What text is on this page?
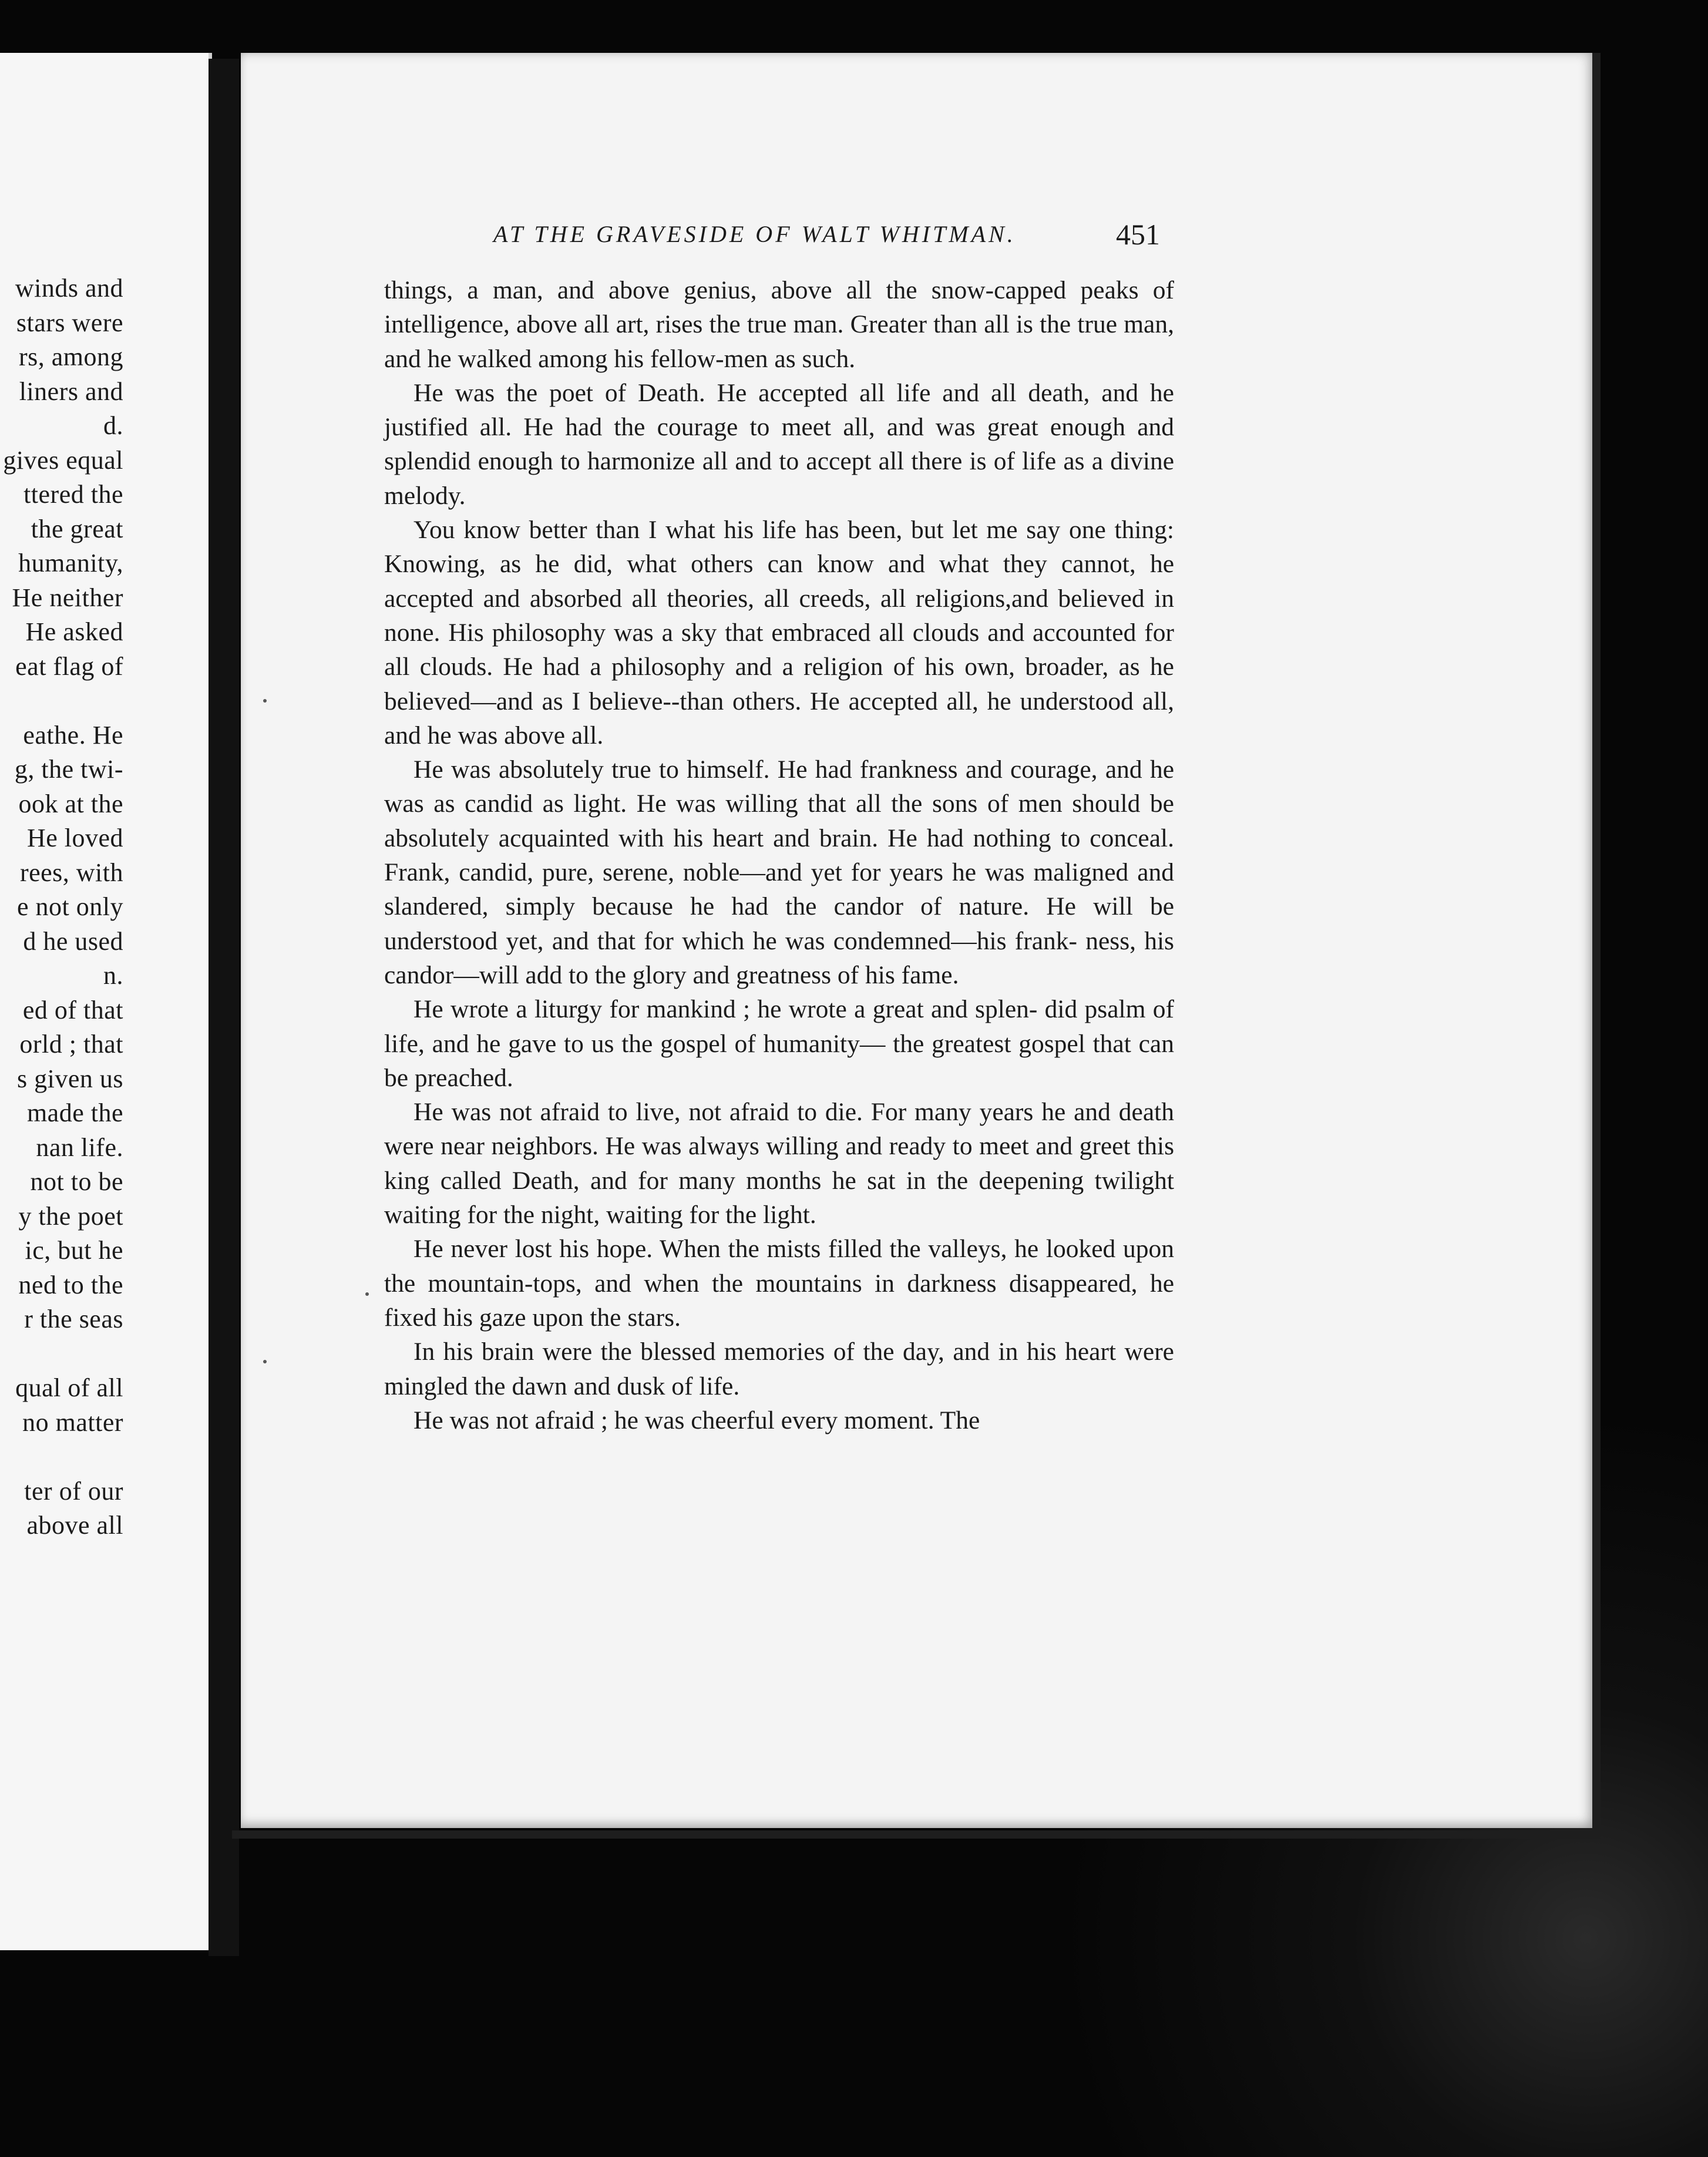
winds and
stars were
rs, among
liners and
d.
gives equal
ttered the
the great
humanity,
He neither
He asked
eat flag of
eathe. He
g, the twi-
ook at the
He loved
rees, with
e not only
d he used
n.
ed of that
orld ; that
s given us
made the
nan life.
not to be
y the poet
ic, but he
ned to the
r the seas
qual of all
no matter
ter of our
above all
AT THE GRAVESIDE OF WALT WHITMAN.	451

things, a man, and above genius, above all the snow-capped peaks of intelligence, above all art, rises the true man. Greater than all is the true man, and he walked among his fellow-men as such.

He was the poet of Death. He accepted all life and all death, and he justified all. He had the courage to meet all, and was great enough and splendid enough to harmonize all and to accept all there is of life as a divine melody.

You know better than I what his life has been, but let me say one thing: Knowing, as he did, what others can know and what they cannot, he accepted and absorbed all theories, all creeds, all religions,and believed in none. His philosophy was a sky that embraced all clouds and accounted for all clouds. He had a philosophy and a religion of his own, broader, as he believed—and as I believe--than others. He accepted all, he understood all, and he was above all.

He was absolutely true to himself. He had frankness and courage, and he was as candid as light. He was willing that all the sons of men should be absolutely acquainted with his heart and brain. He had nothing to conceal. Frank, candid, pure, serene, noble—and yet for years he was maligned and slandered, simply because he had the candor of nature. He will be understood yet, and that for which he was condemned—his frank- ness, his candor—will add to the glory and greatness of his fame.

He wrote a liturgy for mankind ; he wrote a great and splen- did psalm of life, and he gave to us the gospel of humanity— the greatest gospel that can be preached.

He was not afraid to live, not afraid to die. For many years he and death were near neighbors. He was always willing and ready to meet and greet this king called Death, and for many months he sat in the deepening twilight waiting for the night, waiting for the light.

He never lost his hope. When the mists filled the valleys, he looked upon the mountain-tops, and when the mountains in darkness disappeared, he fixed his gaze upon the stars.

In his brain were the blessed memories of the day, and in his heart were mingled the dawn and dusk of life.

He was not afraid ; he was cheerful every moment. The
